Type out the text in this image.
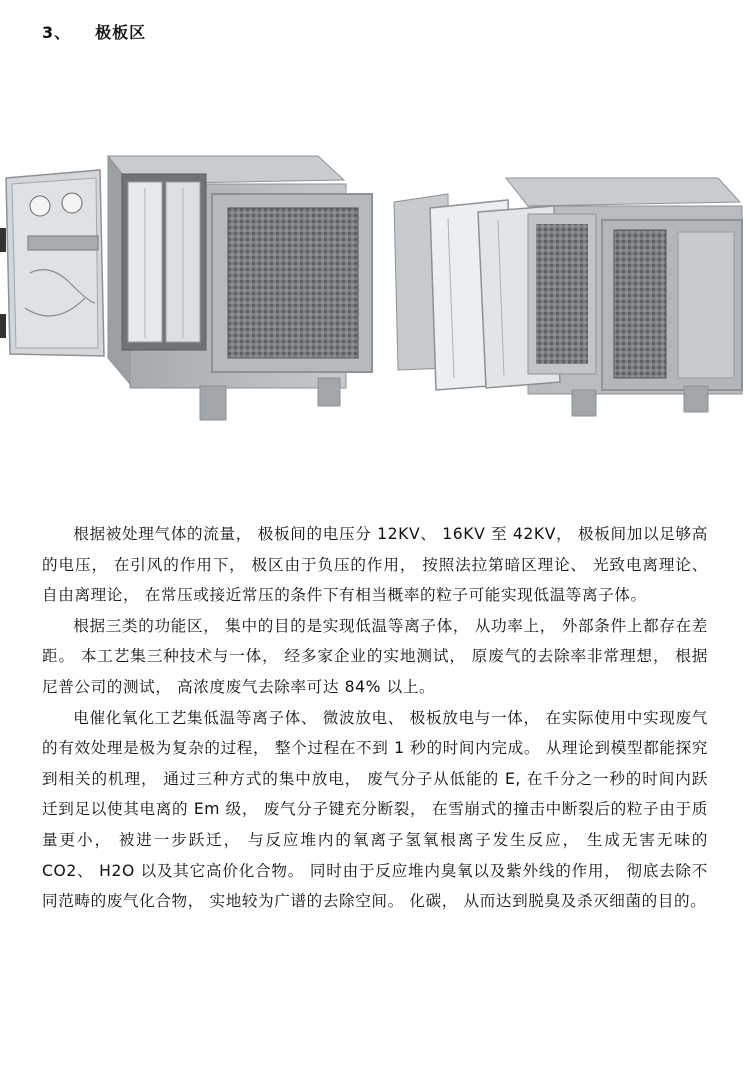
3、 极板区

根据被处理气体的流量， 极板间的电压分 12KV、 16KV 至 42KV， 极板间加以足够高的电压， 在引风的作用下， 极区由于负压的作用， 按照法拉第暗区理论、 光致电离理论、 自由离理论， 在常压或接近常压的条件下有相当概率的粒子可能实现低温等离子体。

根据三类的功能区， 集中的目的是实现低温等离子体， 从功率上， 外部条件上都存在差距。 本工艺集三种技术与一体， 经多家企业的实地测试， 原废气的去除率非常理想， 根据尼普公司的测试， 高浓度废气去除率可达 84% 以上。

电催化氧化工艺集低温等离子体、 微波放电、 极板放电与一体， 在实际使用中实现废气的有效处理是极为复杂的过程， 整个过程在不到 1 秒的时间内完成。 从理论到模型都能探究到相关的机理， 通过三种方式的集中放电， 废气分子从低能的 E, 在千分之一秒的时间内跃迁到足以使其电离的 Em 级， 废气分子键充分断裂， 在雪崩式的撞击中断裂后的粒子由于质量更小， 被进一步跃迁， 与反应堆内的氧离子氢氧根离子发生反应， 生成无害无味的 CO2、 H2O 以及其它高价化合物。 同时由于反应堆内臭氧以及紫外线的作用， 彻底去除不同范畴的废气化合物， 实地较为广谱的去除空间。 化碳， 从而达到脱臭及杀灭细菌的目的。
